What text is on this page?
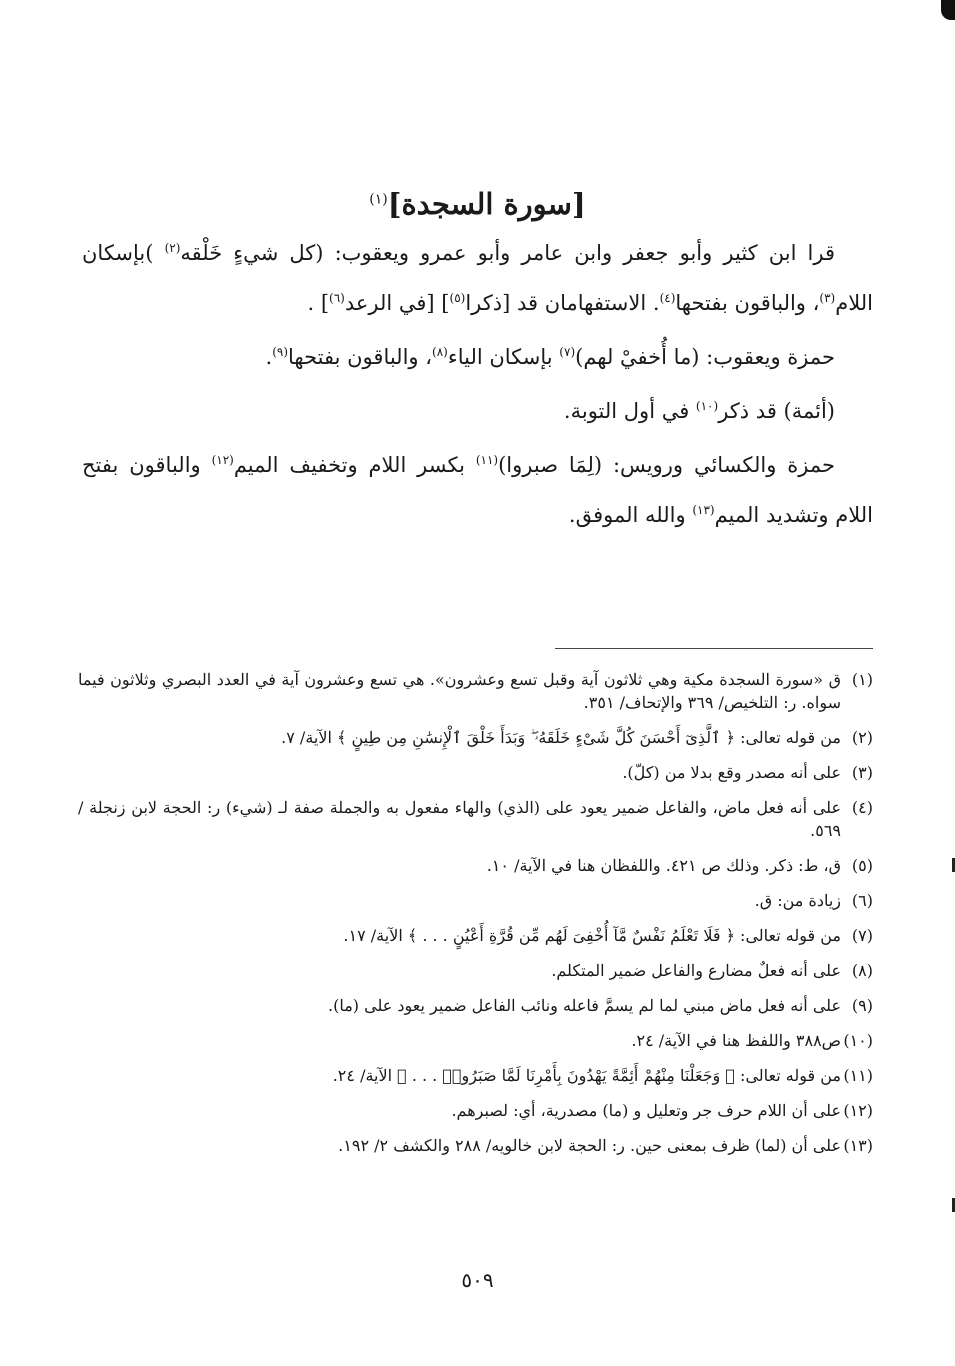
[سورة السجدة]$^{(١)}$

قرا ابن كثير وأبو جعفر وابن عامر وأبو عمرو ويعقوب: (كل شيءٍ خَلْقه$^{(٢)}$ )بإسكان اللام$^{(٣)}$، والباقون بفتحها$^{(٤)}$. الاستفهامان قد [ذكرا$^{(٥)}$] [في الرعد$^{(٦)}$] .

حمزة ويعقوب: (ما أُخفيْ لهم)$^{(٧)}$ بإسكان الياء$^{(٨)}$، والباقون بفتحها$^{(٩)}$.

(أئمة) قد ذكر$^{(١٠)}$ في أول التوبة.

حمزة والكسائي ورويس: (لِمَا صبروا)$^{(١١)}$ بكسر اللام وتخفيف الميم$^{(١٢)}$ والباقون بفتح اللام وتشديد الميم$^{(١٣)}$ والله الموفق.

(١)
ق «سورة السجدة مكية وهي ثلاثون آية وقبل تسع وعشرون». هي تسع وعشرون آية في العدد البصري وثلاثون فيما سواه. ر: التلخيص/ ٣٦٩ والإتحاف/ ٣٥١.
(٢)
من قوله تعالى: ﴿ ٱلَّذِىٓ أَحْسَنَ كُلَّ شَىْءٍ خَلَقَهُۥ ۖ وَبَدَأَ خَلْقَ ٱلْإِنسَٰنِ مِن طِينٍ ﴾ الآية/ ٧.
(٣)
على أنه مصدر وقع بدلا من (كلّ).
(٤)
على أنه فعل ماض، والفاعل ضمير يعود على (الذي) والهاء مفعول به والجملة صفة لـ (شيء) ر: الحجة لابن زنجلة / ٥٦٩.
(٥)
ق، ط: ذكر. وذلك ص ٤٢١. واللفظان هنا في الآية/ ١٠.
(٦)
زيادة من: ق.
(٧)
من قوله تعالى: ﴿ فَلَا تَعْلَمُ نَفْسٌ مَّآ أُخْفِىَ لَهُم مِّن قُرَّةِ أَعْيُنٍ . . . ﴾ الآية/ ١٧.
(٨)
على أنه فعلٌ مضارع والفاعل ضمير المتكلم.
(٩)
على أنه فعل ماض مبني لما لم يسمَّ فاعله ونائب الفاعل ضمير يعود على (ما).
(١٠)
ص٣٨٨ واللفظ هنا في الآية/ ٢٤.
(١١)
من قوله تعالى: ﴿ وَجَعَلْنَا مِنْهُمْ أَئِمَّةً يَهْدُونَ بِأَمْرِنَا لَمَّا صَبَرُوا۟ . . . ﴾ الآية/ ٢٤.
(١٢)
على أن اللام حرف جر وتعليل و (ما) مصدرية، أي: لصبرهم.
(١٣)
على أن (لما) ظرف بمعنى حين. ر: الحجة لابن خالويه/ ٢٨٨ والكشف ٢/ ١٩٢.
٥٠٩
